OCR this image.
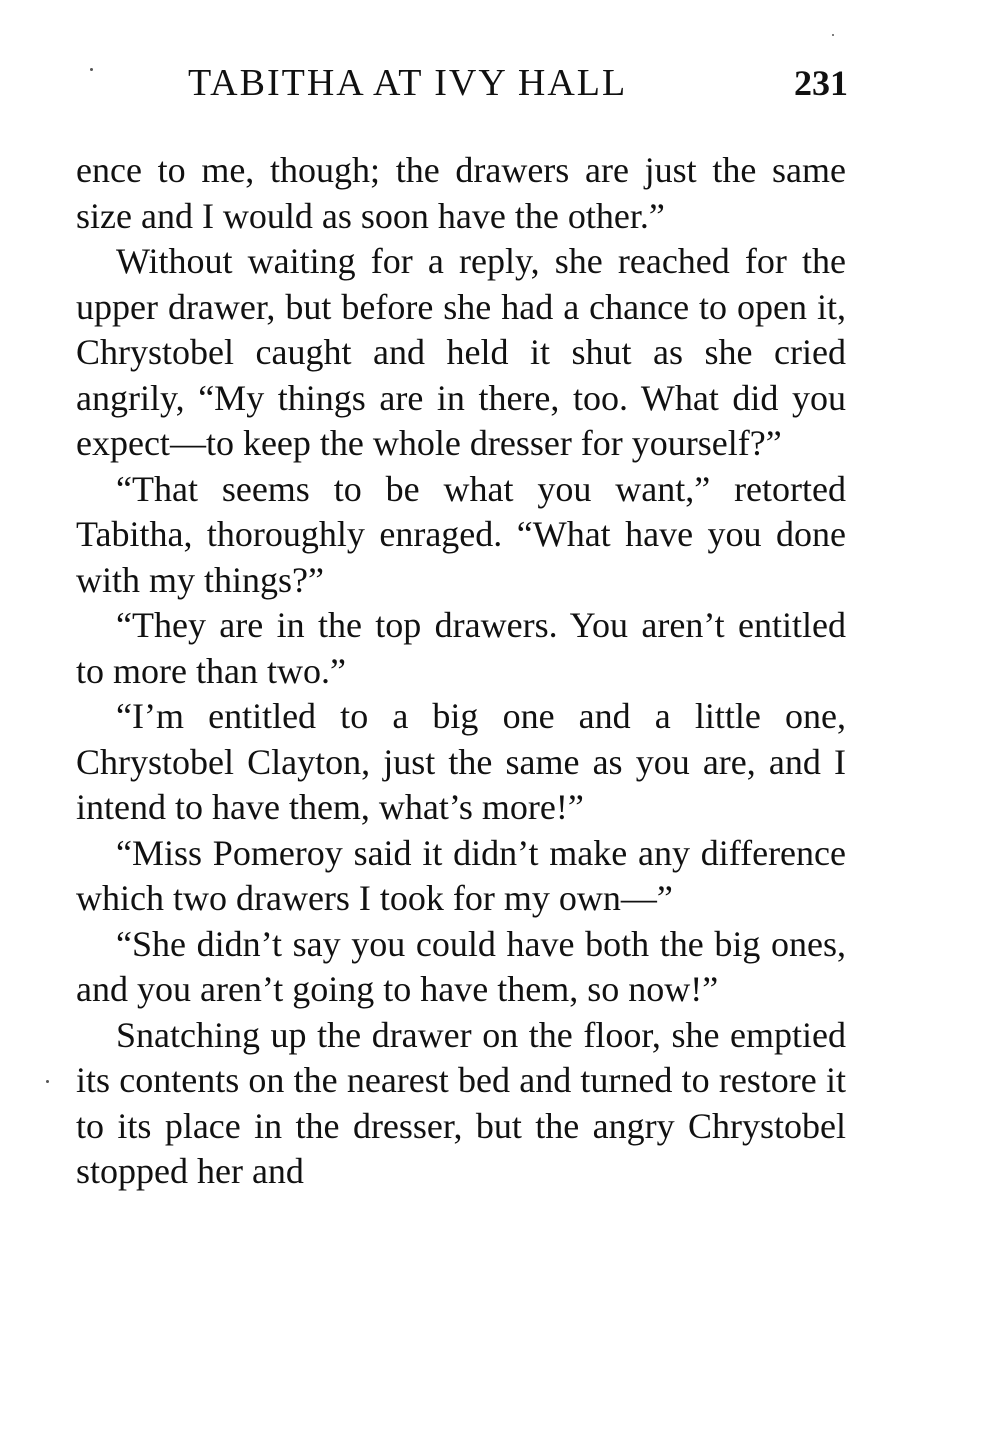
TABITHA AT IVY HALL	231

ence to me, though; the drawers are just the same size and I would as soon have the other.”

Without waiting for a reply, she reached for the upper drawer, but before she had a chance to open it, Chrystobel caught and held it shut as she cried angrily, “My things are in there, too. What did you expect—to keep the whole dresser for yourself?”

“That seems to be what you want,” retorted Tabitha, thoroughly enraged. “What have you done with my things?”

“They are in the top drawers. You aren’t entitled to more than two.”

“I’m entitled to a big one and a little one, Chrystobel Clayton, just the same as you are, and I intend to have them, what’s more!”

“Miss Pomeroy said it didn’t make any difference which two drawers I took for my own—”

“She didn’t say you could have both the big ones, and you aren’t going to have them, so now!”

Snatching up the drawer on the floor, she emptied its contents on the nearest bed and turned to restore it to its place in the dresser, but the angry Chrystobel stopped her and
